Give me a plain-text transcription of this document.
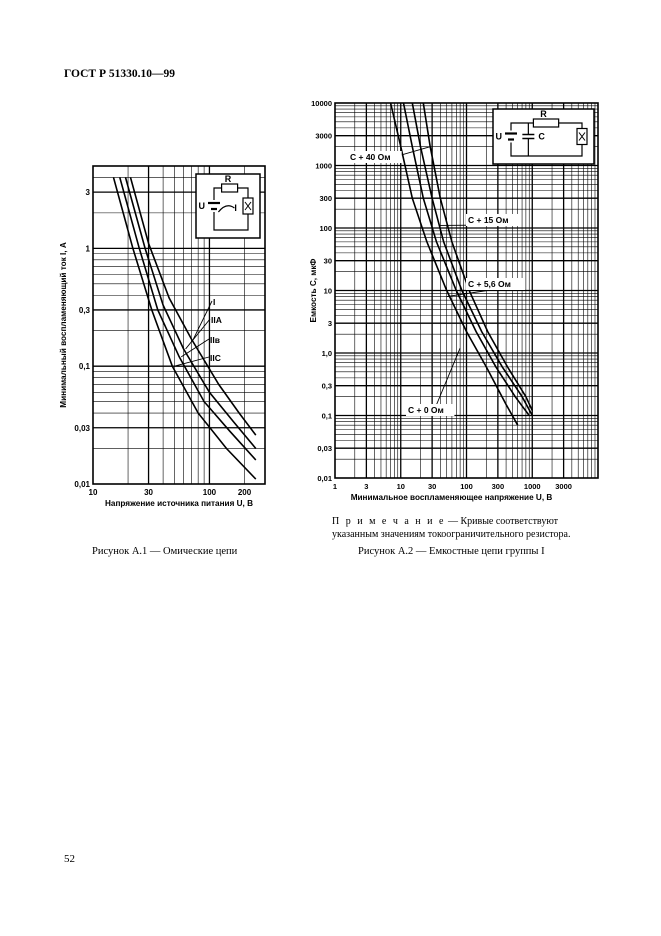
ГОСТ Р 51330.10—99
10	30	100	200
3
1
0,3
0,1
0,03
0,01
Напряжение источника питания U, В
Минимальный воспламеняющий ток I, А
R
U	I
I
IIA
IIв
IIС
1	3	10	30	100	300	1000 3000
10000
3000
1000
300
100
30
10
3
1,0
0,3
0,1
0,03
0,01
Минимальное воспламеняющее напряжение U, В
Емкость C, мкФ
R
U	C
C + 0 Ом
C + 5,6 Ом
C + 15 Ом
C + 40 Ом
Рисунок А.1 — Омические цепи
П р и м е ч а н и е — Кривые соответствуют указанным значениям токоограничительного резистора.
Рисунок А.2 — Емкостные цепи группы I
52
